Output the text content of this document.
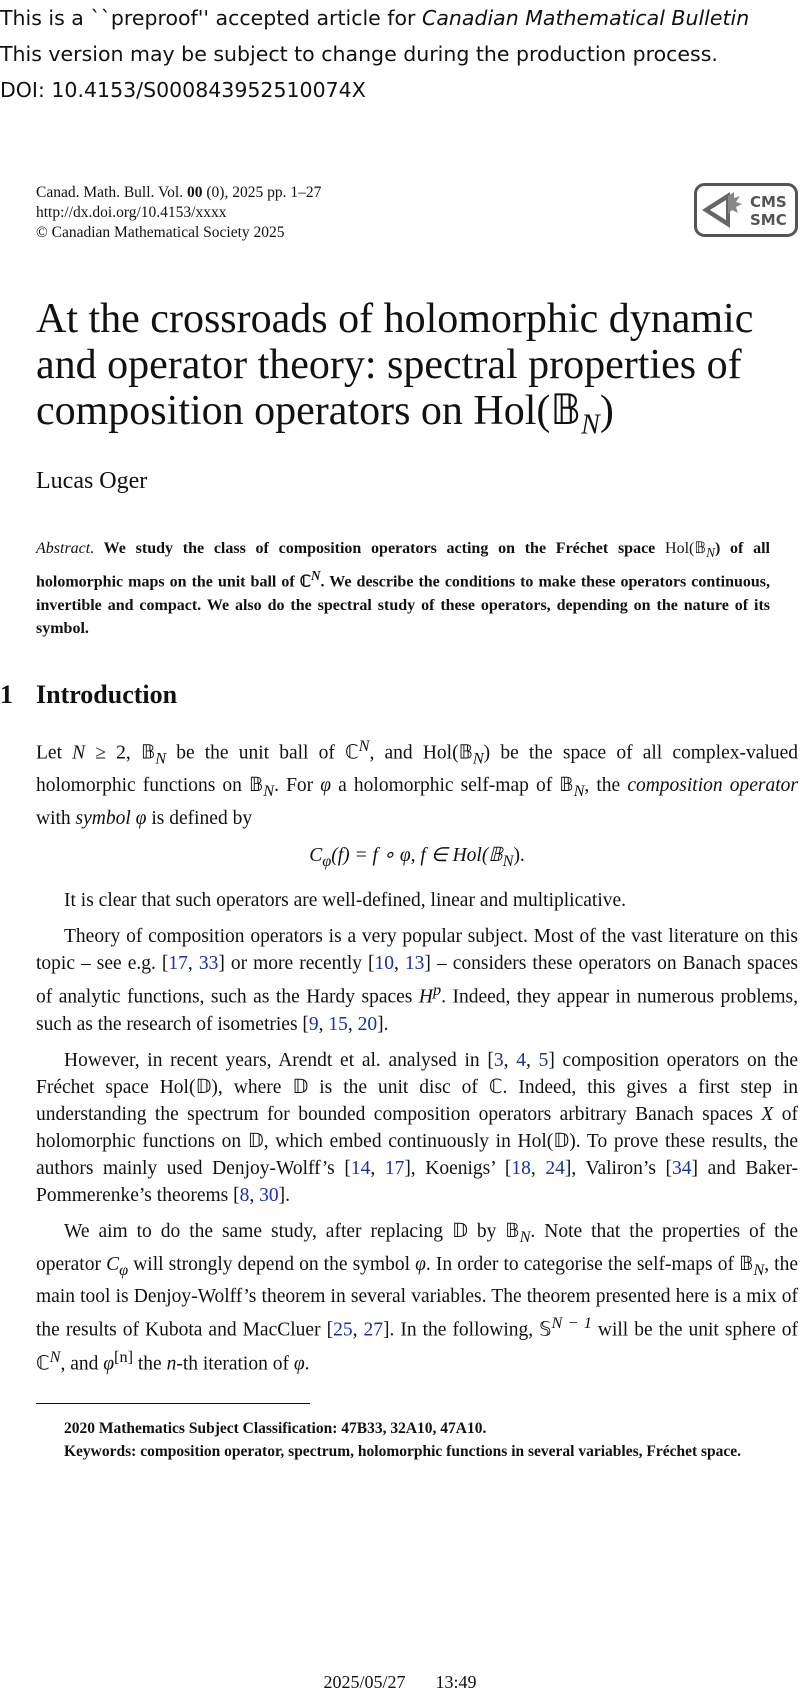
This is a ``preproof'' accepted article for Canadian Mathematical Bulletin
This version may be subject to change during the production process.
DOI: 10.4153/S000843952510074X
Canad. Math. Bull. Vol. 00 (0), 2025 pp. 1–27
http://dx.doi.org/10.4153/xxxx
© Canadian Mathematical Society 2025
CMS
SMC
At the crossroads of holomorphic dynamic
and operator theory: spectral properties of
composition operators on Hol(𝔹$_N$)
Lucas Oger
Abstract. We study the class of composition operators acting on the Fréchet space Hol(𝔹$_N$) of all holomorphic maps on the unit ball of ℂ$^N$. We describe the conditions to make these operators continuous, invertible and compact. We also do the spectral study of these operators, depending on the nature of its symbol.
1 Introduction

Let N ≥ 2, 𝔹$_N$ be the unit ball of ℂ$^N$, and Hol(𝔹$_N$) be the space of all complex-valued holomorphic functions on 𝔹$_N$. For φ a holomorphic self-map of 𝔹$_N$, the composition operator with symbol φ is defined by

$C_\varphi(f) = f$ ∘ φ, f ∈ Hol(𝔹$_N$).

It is clear that such operators are well-defined, linear and multiplicative.

Theory of composition operators is a very popular subject. Most of the vast literature on this topic – see e.g. [17, 33] or more recently [10, 13] – considers these operators on Banach spaces of analytic functions, such as the Hardy spaces $H^p$. Indeed, they appear in numerous problems, such as the research of isometries [9, 15, 20].

However, in recent years, Arendt et al. analysed in [3, 4, 5] composition operators on the Fréchet space Hol(𝔻), where 𝔻 is the unit disc of ℂ. Indeed, this gives a first step in understanding the spectrum for bounded composition operators arbitrary Banach spaces X of holomorphic functions on 𝔻, which embed continuously in Hol(𝔻). To prove these results, the authors mainly used Denjoy-Wolff’s [14, 17], Koenigs’ [18, 24], Valiron’s [34] and Baker-Pommerenke’s theorems [8, 30].

We aim to do the same study, after replacing 𝔻 by 𝔹$_N$. Note that the properties of the operator $C_\varphi$ will strongly depend on the symbol φ. In order to categorise the self-maps of 𝔹$_N$, the main tool is Denjoy-Wolff’s theorem in several variables. The theorem presented here is a mix of the results of Kubota and MacCluer [25, 27]. In the following, 𝕊$^{N - 1}$ will be the unit sphere of ℂ$^N$, and φ[n] the n-th iteration of φ.

2020 Mathematics Subject Classification: 47B33, 32A10, 47A10.
Keywords: composition operator, spectrum, holomorphic functions in several variables, Fréchet space.
2025/05/27 13:49
